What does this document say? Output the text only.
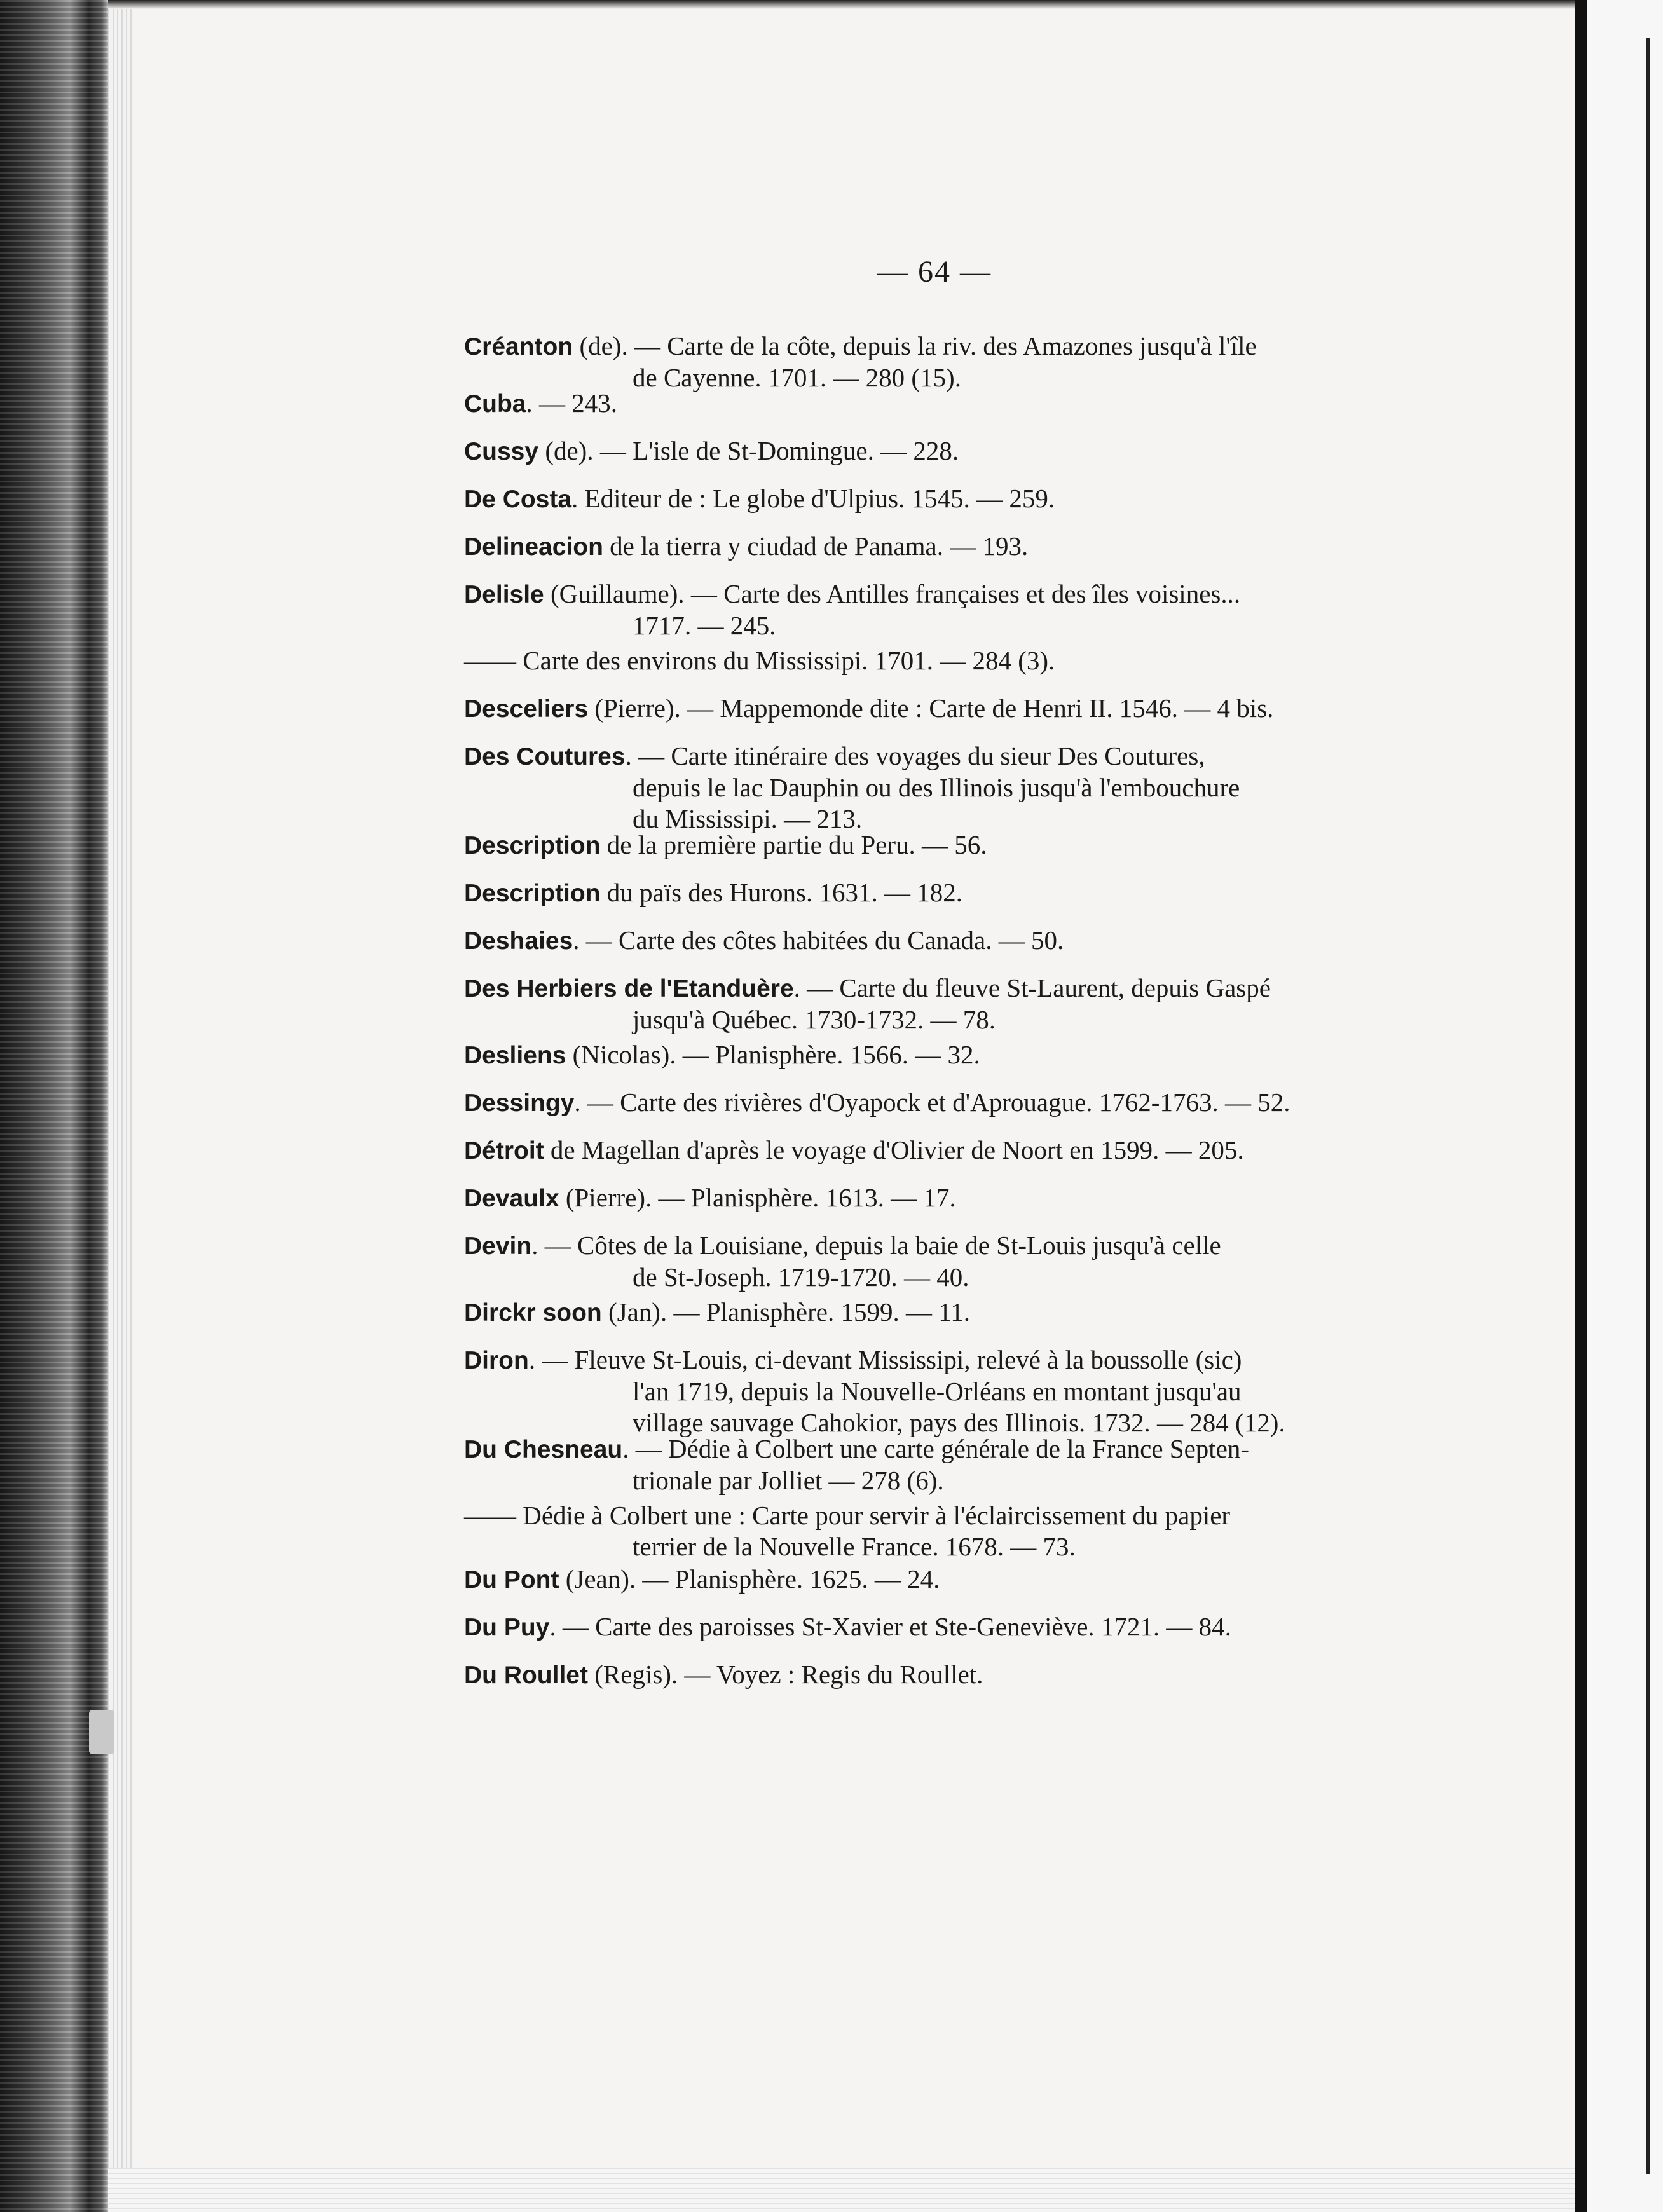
— 64 —
Créanton (de). — Carte de la côte, depuis la riv. des Amazones jusqu'à l'île
de Cayenne. 1701. — 280 (15).
Cuba. — 243.
Cussy (de). — L'isle de St-Domingue. — 228.
De Costa. Editeur de : Le globe d'Ulpius. 1545. — 259.
Delineacion de la tierra y ciudad de Panama. — 193.
Delisle (Guillaume). — Carte des Antilles françaises et des îles voisines...
1717. — 245.
—— Carte des environs du Mississipi. 1701. — 284 (3).
Desceliers (Pierre). — Mappemonde dite : Carte de Henri II. 1546. — 4 bis.
Des Coutures. — Carte itinéraire des voyages du sieur Des Coutures,
depuis le lac Dauphin ou des Illinois jusqu'à l'embouchure
du Mississipi. — 213.
Description de la première partie du Peru. — 56.
Description du païs des Hurons. 1631. — 182.
Deshaies. — Carte des côtes habitées du Canada. — 50.
Des Herbiers de l'Etanduère. — Carte du fleuve St-Laurent, depuis Gaspé
jusqu'à Québec. 1730-1732. — 78.
Desliens (Nicolas). — Planisphère. 1566. — 32.
Dessingy. — Carte des rivières d'Oyapock et d'Aprouague. 1762-1763. — 52.
Détroit de Magellan d'après le voyage d'Olivier de Noort en 1599. — 205.
Devaulx (Pierre). — Planisphère. 1613. — 17.
Devin. — Côtes de la Louisiane, depuis la baie de St-Louis jusqu'à celle
de St-Joseph. 1719-1720. — 40.
Dirckr soon (Jan). — Planisphère. 1599. — 11.
Diron. — Fleuve St-Louis, ci-devant Mississipi, relevé à la boussolle (sic)
l'an 1719, depuis la Nouvelle-Orléans en montant jusqu'au
village sauvage Cahokior, pays des Illinois. 1732. — 284 (12).
Du Chesneau. — Dédie à Colbert une carte générale de la France Septen-
trionale par Jolliet — 278 (6).
—— Dédie à Colbert une : Carte pour servir à l'éclaircissement du papier
terrier de la Nouvelle France. 1678. — 73.
Du Pont (Jean). — Planisphère. 1625. — 24.
Du Puy. — Carte des paroisses St-Xavier et Ste-Geneviève. 1721. — 84.
Du Roullet (Regis). — Voyez : Regis du Roullet.
